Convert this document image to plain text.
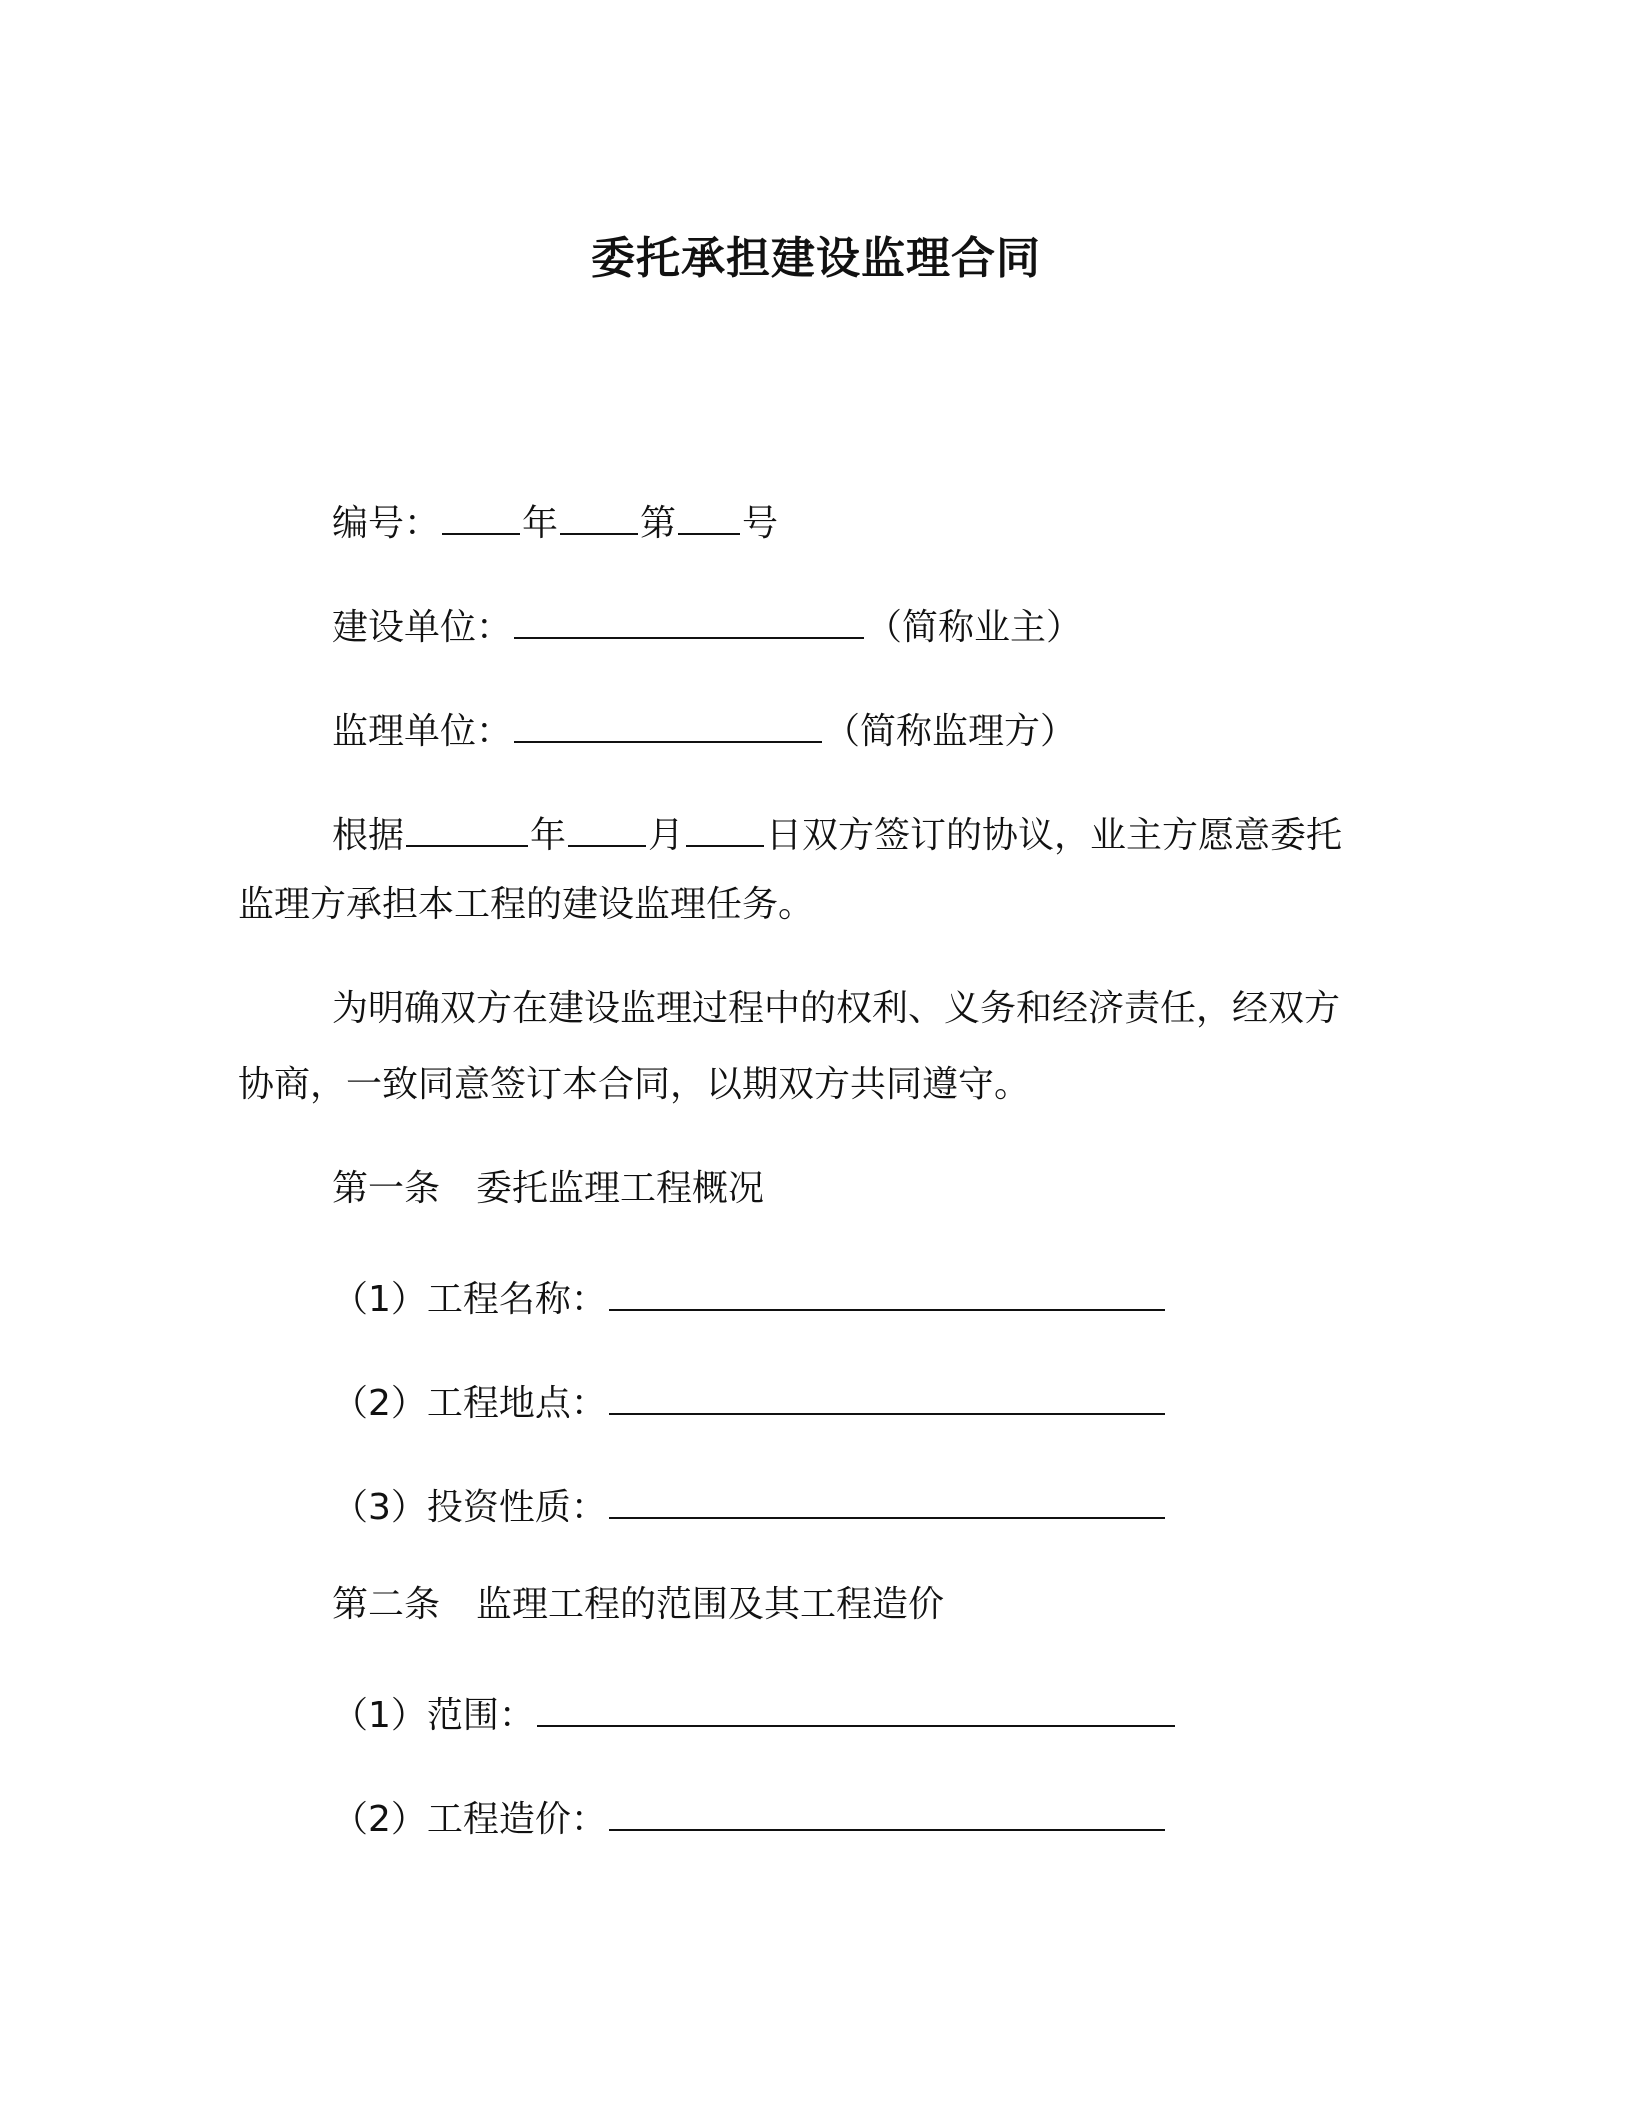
委托承担建设监理合同
编号： 年 第 号
建设单位：	（简称业主）
监理单位：	（简称监理方）
根据	年 月 日双方签订的协议，业主方愿意委托
监理方承担本工程的建设监理任务。
为明确双方在建设监理过程中的权利、义务和经济责任，经双方
协商，一致同意签订本合同，以期双方共同遵守。
第一条　委托监理工程概况
（1）工程名称：
（2）工程地点：
（3）投资性质：
第二条　监理工程的范围及其工程造价
（1）范围：
（2）工程造价：
